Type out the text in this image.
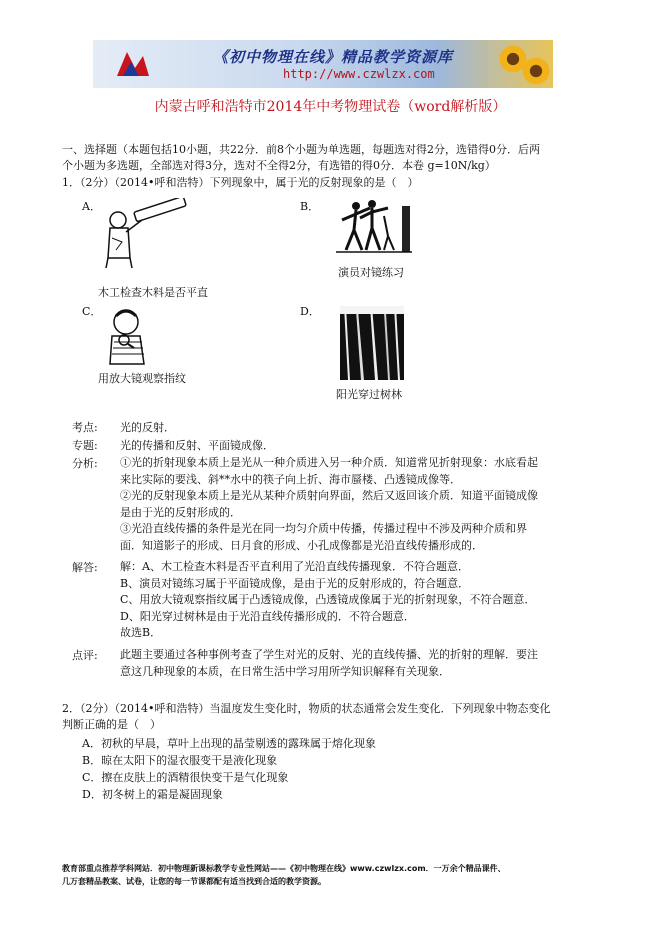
《初中物理在线》精品教学资源库
http://www.czwlzx.com
内蒙古呼和浩特市2014年中考物理试卷（word解析版）
一、选择题（本题包括10小题，共22分．前8个小题为单选题，每题选对得2分，选错得0分．后两
个小题为多选题，全部选对得3分，选对不全得2分，有选错的得0分．本卷 g=10N/kg）
1．（2分）（2014•呼和浩特）下列现象中，属于光的反射现象的是（　）
A．	B．
C．	D．
木工检查木料是否平直
演员对镜练习
用放大镜观察指纹
阳光穿过树林
考点: 光的反射．
专题: 光的传播和反射、平面镜成像．
分析: ①光的折射现象本质上是光从一种介质进入另一种介质．知道常见折射现象：水底看起
来比实际的要浅、斜**水中的筷子向上折、海市蜃楼、凸透镜成像等．
②光的反射现象本质上是光从某种介质射向界面，然后又返回该介质．知道平面镜成像
是由于光的反射形成的．
③光沿直线传播的条件是光在同一均匀介质中传播，传播过程中不涉及两种介质和界
面．知道影子的形成、日月食的形成、小孔成像都是光沿直线传播形成的．
解答: 解：A、木工检查木料是否平直利用了光沿直线传播现象．不符合题意．
B、演员对镜练习属于平面镜成像，是由于光的反射形成的，符合题意．
C、用放大镜观察指纹属于凸透镜成像，凸透镜成像属于光的折射现象，不符合题意．
D、阳光穿过树林是由于光沿直线传播形成的．不符合题意．
故选B．
点评: 此题主要通过各种事例考查了学生对光的反射、光的直线传播、光的折射的理解．要注
意这几种现象的本质，在日常生活中学习用所学知识解释有关现象．
2．（2分）（2014•呼和浩特）当温度发生变化时，物质的状态通常会发生变化．下列现象中物态变化
判断正确的是（　）
A．初秋的早晨，草叶上出现的晶莹剔透的露珠属于熔化现象
B．晾在太阳下的湿衣服变干是液化现象
C．擦在皮肤上的酒精很快变干是气化现象
D．初冬树上的霜是凝固现象
教育部重点推荐学科网站．初中物理新课标教学专业性网站——《初中物理在线》www.czwlzx.com．一万余个精品课件、
几万套精品教案、试卷，让您的每一节课都配有适当找到合适的教学资源。
